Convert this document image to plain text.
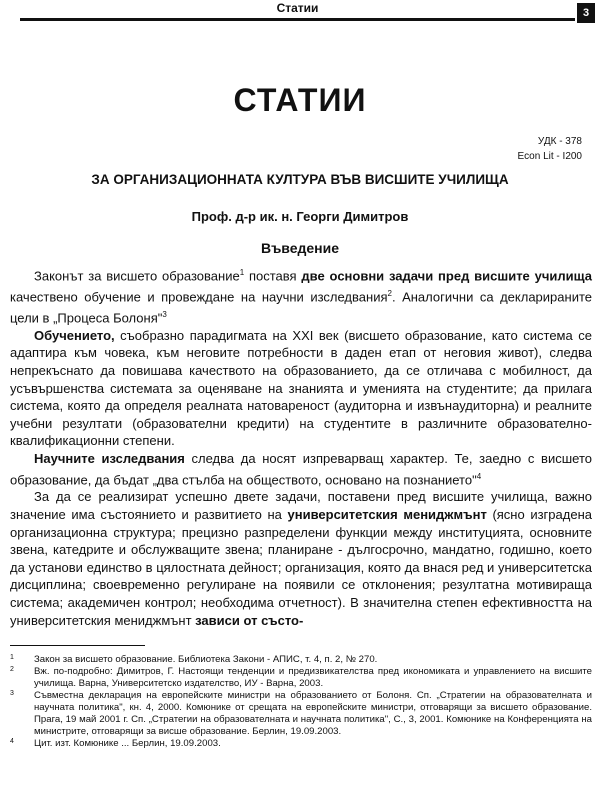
Статии	3
СТАТИИ
УДК - 378
Econ Lit - I200
ЗА ОРГАНИЗАЦИОННАТА КУЛТУРА ВЪВ ВИСШИТЕ УЧИЛИЩА
Проф. д-р ик. н. Георги Димитров
Въведение

Законът за висшето образование$^1$ поставя две основни задачи пред висшите училища качествено обучение и провеждане на научни изследвания$^2$. Аналогични са декларираните цели в „Процеса Болоня"$^3$

Обучението, съобразно парадигмата на XXI век (висшето образование, като система се адаптира към човека, към неговите потребности в даден етап от неговия живот), следва непрекъснато да повишава качеството на образованието, да се отличава с мобилност, да усъвършенства системата за оценяване на знанията и уменията на студентите; да прилага система, която да определя реалната натовареност (аудиторна и извънаудиторна) и реалните учебни резултати (образователни кредити) на студентите в различните образователно-квалификационни степени.

Научните изследвания следва да носят изпреварващ характер. Те, заедно с висшето образование, да бъдат „два стълба на обществото, основано на познанието"$^4$

За да се реализират успешно двете задачи, поставени пред висшите училища, важно значение има състоянието и развитието на университетския мениджмънт (ясно изградена организационна структура; прецизно разпределени функции между институцията, основните звена, катедрите и обслужващите звена; планиране - дългосрочно, мандатно, годишно, което да установи единство в цялостната дейност; организация, която да внася ред и университетска дисциплина; своевременно регулиране на появили се отклонения; резултатна мотивираща система; академичен контрол; необходима отчетност). В значителна степен ефективността на университетския мениджмънт зависи от състо-

1 Закон за висшето образование. Библиотека Закони - АПИС, т. 4, п. 2, № 270.
2 Вж. по-подробно: Димитров, Г. Настоящи тенденции и предизвикателства пред икономиката и управлението на висшите училища. Варна, Университетско издателство, ИУ - Варна, 2003.
3 Съвместна декларация на европейските министри на образованието от Болоня. Сп. „Стратегии на образователната и научната политика", кн. 4, 2000. Комюнике от срещата на европейските министри, отговарящи за висшето образование. Прага, 19 май 2001 г. Сп. „Стратегии на образователната и научната политика", С., 3, 2001. Комюнике на Конференцията на министрите, отговарящи за висше образование. Берлин, 19.09.2003.
4 Цит. изт. Комюнике ... Берлин, 19.09.2003.
